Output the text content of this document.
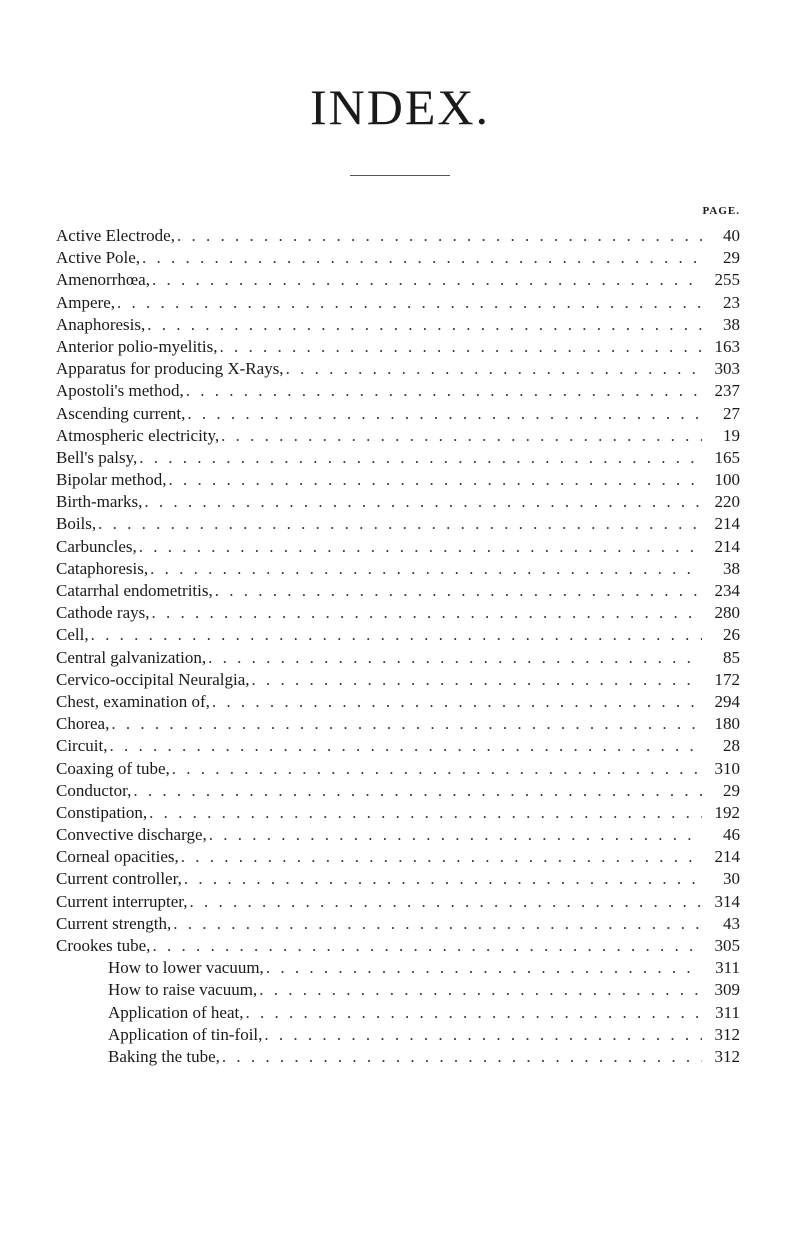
INDEX.
PAGE.
Active Electrode, . . .	40
Active Pole, . . .	29
Amenorrhœa, . . .	255
Ampere, . . .	23
Anaphoresis, . . .	38
Anterior polio-myelitis, . . .	163
Apparatus for producing X-Rays, . . .	303
Apostoli's method, . . .	237
Ascending current, . . .	27
Atmospheric electricity, . . .	19
Bell's palsy, . . .	165
Bipolar method, . . .	100
Birth-marks, . . .	220
Boils, . . .	214
Carbuncles, . . .	214
Cataphoresis, . . .	38
Catarrhal endometritis, . . .	234
Cathode rays, . . .	280
Cell, . . .	26
Central galvanization, . . .	85
Cervico-occipital Neuralgia, . . .	172
Chest, examination of, . . .	294
Chorea, . . .	180
Circuit, . . .	28
Coaxing of tube, . . .	310
Conductor, . . .	29
Constipation, . . .	192
Convective discharge, . . .	46
Corneal opacities, . . .	214
Current controller, . . .	30
Current interrupter, . . .	314
Current strength, . . .	43
Crookes tube, . . .	305
How to lower vacuum, . . .	311
How to raise vacuum, . . .	309
Application of heat, . . .	311
Application of tin-foil, . . .	312
Baking the tube, . . .	312
